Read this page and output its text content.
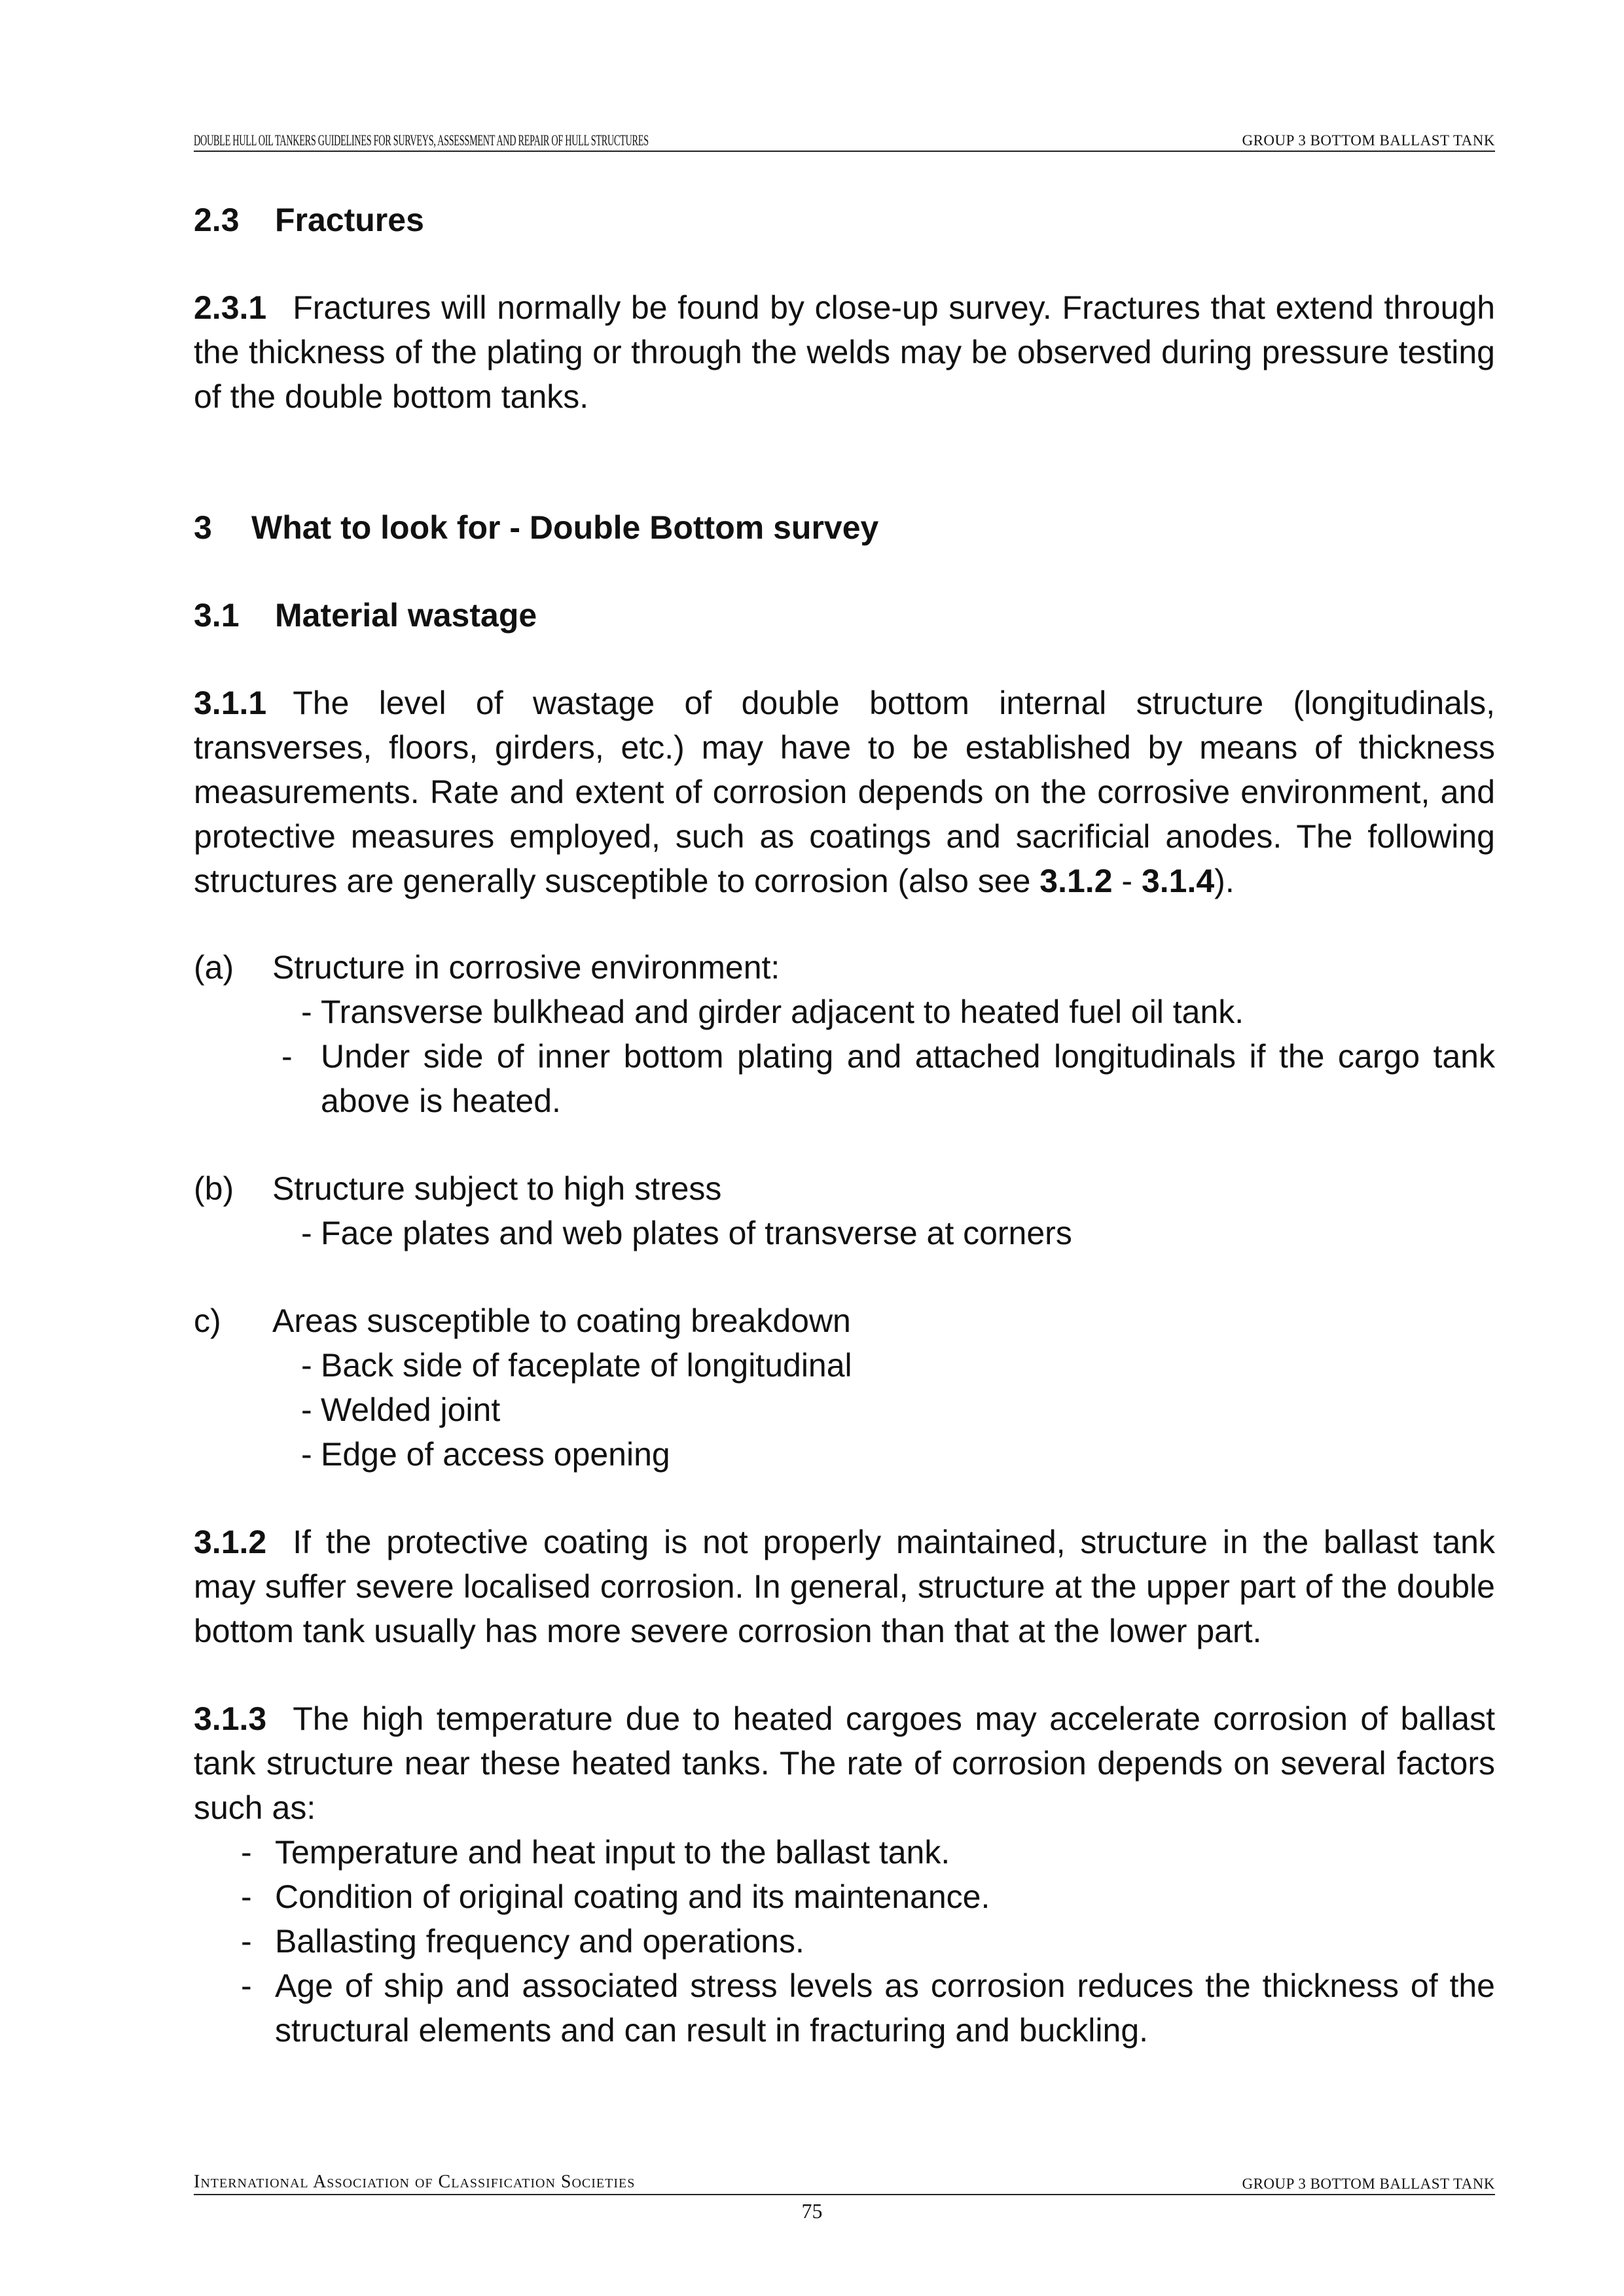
DOUBLE HULL OIL TANKERS GUIDELINES FOR SURVEYS, ASSESSMENT AND REPAIR OF HULL STRUCTURES	GROUP 3 BOTTOM BALLAST TANK
2.3 Fractures

2.3.1 Fractures will normally be found by close-up survey. Fractures that extend through the thickness of the plating or through the welds may be observed during pressure testing of the double bottom tanks.

3 What to look for - Double Bottom survey
3.1 Material wastage

3.1.1 The level of wastage of double bottom internal structure (longitudinals, transverses, floors, girders, etc.) may have to be established by means of thickness measurements. Rate and extent of corrosion depends on the corrosive environment, and protective measures employed, such as coatings and sacrificial anodes. The following structures are generally susceptible to corrosion (also see 3.1.2 - 3.1.4).

(a) Structure in corrosive environment:
- Transverse bulkhead and girder adjacent to heated fuel oil tank.
- Under side of inner bottom plating and attached longitudinals if the cargo tank above is heated.
(b) Structure subject to high stress
- Face plates and web plates of transverse at corners
c) Areas susceptible to coating breakdown
- Back side of faceplate of longitudinal
- Welded joint
- Edge of access opening

3.1.2 If the protective coating is not properly maintained, structure in the ballast tank may suffer severe localised corrosion. In general, structure at the upper part of the double bottom tank usually has more severe corrosion than that at the lower part.

3.1.3 The high temperature due to heated cargoes may accelerate corrosion of ballast tank structure near these heated tanks. The rate of corrosion depends on several factors such as:

- Temperature and heat input to the ballast tank.
- Condition of original coating and its maintenance.
- Ballasting frequency and operations.
- Age of ship and associated stress levels as corrosion reduces the thickness of the structural elements and can result in fracturing and buckling.
International Association of Classification Societies	GROUP 3 BOTTOM BALLAST TANK
75
